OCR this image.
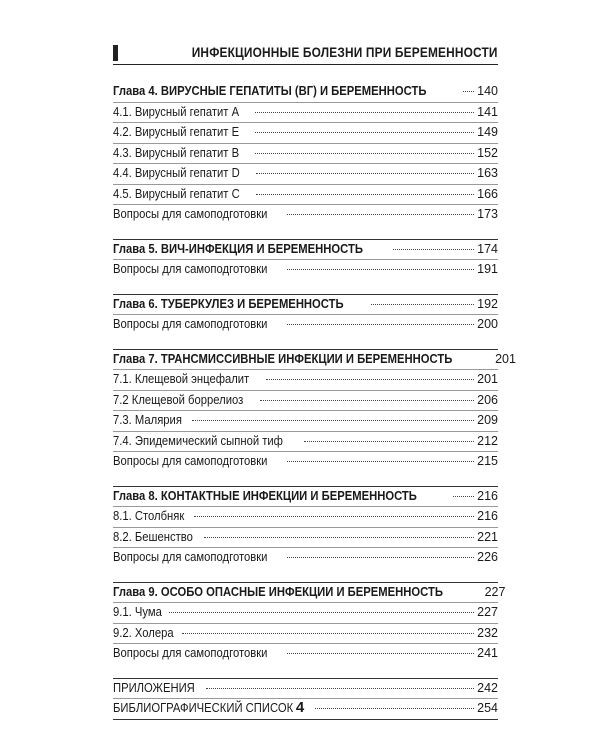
ИНФЕКЦИОННЫЕ БОЛЕЗНИ ПРИ БЕРЕМЕННОСТИ
Глава 4. ВИРУСНЫЕ ГЕПАТИТЫ (ВГ) И БЕРЕМЕННОСТЬ	140
4.1. Вирусный гепатит А	141
4.2. Вирусный гепатит Е	149
4.3. Вирусный гепатит В	152
4.4. Вирусный гепатит D	163
4.5. Вирусный гепатит С	166
Вопросы для самоподготовки	173
Глава 5. ВИЧ-ИНФЕКЦИЯ И БЕРЕМЕННОСТЬ	174
Вопросы для самоподготовки	191
Глава 6. ТУБЕРКУЛЕЗ И БЕРЕМЕННОСТЬ	192
Вопросы для самоподготовки	200
Глава 7. ТРАНСМИССИВНЫЕ ИНФЕКЦИИ И БЕРЕМЕННОСТЬ	201
7.1. Клещевой энцефалит	201
7.2 Клещевой боррелиоз	206
7.3. Малярия	209
7.4. Эпидемический сыпной тиф	212
Вопросы для самоподготовки	215
Глава 8. КОНТАКТНЫЕ ИНФЕКЦИИ И БЕРЕМЕННОСТЬ	216
8.1. Столбняк	216
8.2. Бешенство	221
Вопросы для самоподготовки	226
Глава 9. ОСОБО ОПАСНЫЕ ИНФЕКЦИИ И БЕРЕМЕННОСТЬ	227
9.1. Чума	227
9.2. Холера	232
Вопросы для самоподготовки	241
ПРИЛОЖЕНИЯ	242
БИБЛИОГРАФИЧЕСКИЙ СПИСОК	254
4
